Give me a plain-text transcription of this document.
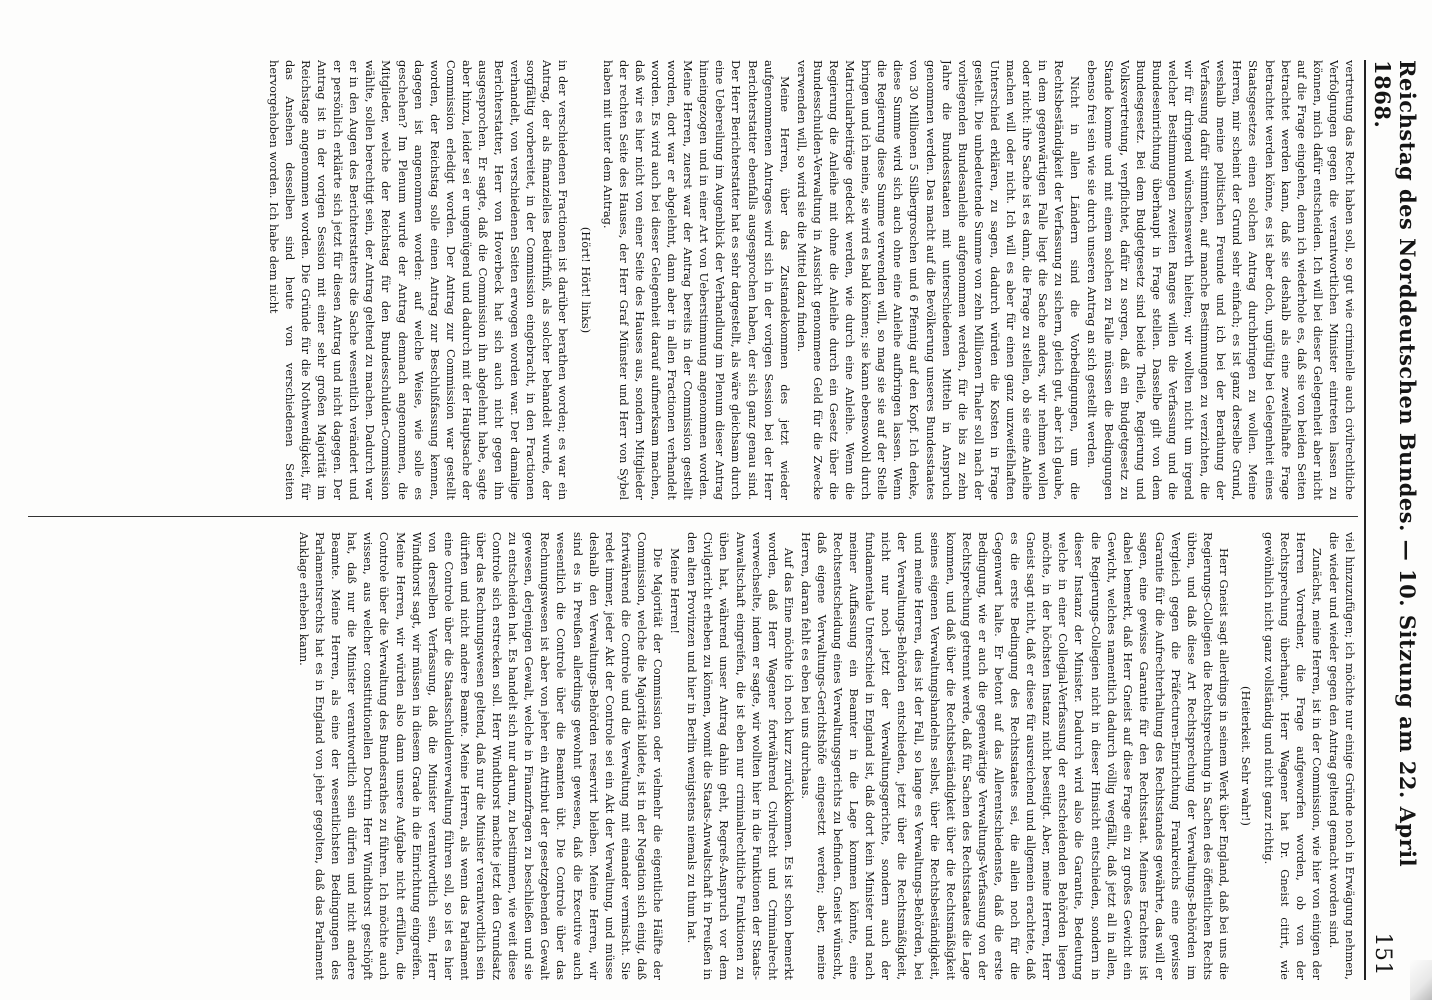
Reichstag des Norddeutschen Bundes. — 10. Sitzung am 22. April 1868.
151

vertretung das Recht haben soll, so gut wie criminelle auch civilrechtliche Verfolgungen gegen die verantwortlichen Minister eintreten lassen zu können, mich dafür entscheiden. Ich will bei dieser Gelegenheit aber nicht auf die Frage eingehen, denn ich wiederhole es, daß sie von beiden Seiten betrachtet werden kann, daß sie deshalb als eine zweifelhafte Frage betrachtet werden könne, es ist aber doch, ungültig bei Gelegenheit eines Staatsgesetzes einen solchen Antrag durchbringen zu wollen. Meine Herren, mir scheint der Grund sehr einfach; es ist ganz derselbe Grund, weshalb meine politischen Freunde und ich bei der Berathung der Verfassung dafür stimmten, auf manche Bestimmungen zu verzichten, die wir für dringend wünschenswerth hielten; wir wollten nicht um irgend welcher Bestimmungen zweiten Ranges willen die Verfassung und die Bundeseinrichtung überhaupt in Frage stellen. Dasselbe gilt von dem Bundesgesetz. Bei dem Budgetgesetz sind beide Theile, Regierung und Volksvertretung, verpflichtet, dafür zu sorgen, daß ein Budgetgesetz zu Stande komme und mit einem solchen zu Falle müssen die Bedingungen ebenso frei sein wie sie durch unseren Antrag an sich gestellt werden.

Nicht in allen Ländern sind die Vorbedingungen, um die Rechtsbeständigkeit der Verfassung zu sichern, gleich gut, aber ich glaube, in dem gegenwärtigen Falle liegt die Sache anders, wir nehmen wollen oder nicht: ihre Sache ist es dann, die Frage zu stellen, ob sie eine Anleihe machen will oder nicht. Ich will es aber für einen ganz unzweifelhaften Unterschied erklären, zu sagen, dadurch würden die Kosten in Frage gestellt. Die unbedeutende Summe von zehn Millionen Thaler soll nach der vorliegenden Bundesanleihe aufgenommen werden, für die bis zu zehn Jahre die Bundesstaaten mit unterschiedenen Mitteln in Anspruch genommen werden. Das macht auf die Bevölkerung unseres Bundesstaates von 30 Millionen 5 Silbergroschen und 6 Pfennig auf den Kopf. Ich denke, diese Summe wird sich auch ohne eine Anleihe aufbringen lassen. Wenn die Regierung diese Summe verwenden will, so mag sie sie auf der Stelle bringen und ich meine, sie wird es bald können; sie kann ebensowohl durch Matricularbeiträge gedeckt werden, wie durch eine Anleihe. Wenn die Regierung die Anleihe mit ohne die Anleihe durch ein Gesetz über die Bundesschulden-Verwaltung in Aussicht genommene Geld für die Zwecke verwenden will, so wird sie die Mittel dazu finden.

Meine Herren, über das Zustandekommen des jetzt wieder aufgenommenen Antrages wird sich in der vorigen Session bei der Herr Berichterstatter ebenfalls ausgesprochen haben, der sich ganz genau sind. Der Herr Berichterstatter hat es sehr dargestellt, als wäre gleichsam durch eine Uebereilung im Augenblick der Verhandlung im Plenum dieser Antrag hineingezogen und in einer Art von Ueberstimmung angenommen worden. Meine Herren, zuerst war der Antrag bereits in der Commission gestellt worden, dort war er abgelehnt, dann aber in allen Fractionen verhandelt worden. Es wird auch bei dieser Gelegenheit darauf aufmerksam machen, daß wir es hier nicht von einer Seite des Hauses aus, sondern Mitglieder der rechten Seite des Hauses, der Herr Graf Münster und Herr von Sybel haben mit unter dem Antrag.

(Hört! Hört! links)

in der verschiedenen Fractionen ist darüber berathen worden; es war ein Antrag, der als finanzielles Bedürfniß, als solcher behandelt wurde, der sorgfältig vorbereitet, in der Commission eingebracht, in den Fractionen verhandelt, von verschiedenen Seiten erwogen worden war. Der damalige Berichterstatter, Herr von Hoverbeck hat sich auch nicht gegen ihn ausgesprochen. Er sagte, daß die Commission ihn abgelehnt habe, sagte aber hinzu, leider sei er ungenügend und dadurch mit der Hauptsache der Commission erledigt worden. Der Antrag zur Commission war gestellt worden, der Reichstag solle einen Antrag zur Beschlußfassung kennen, dagegen ist angenommen worden: auf welche Weise, wie solle es geschehen? Im Plenum wurde der Antrag demnach angenommen, die Mitglieder, welche der Reichstag für den Bundesschulden-Commission wählte, sollen berechtigt sein, der Antrag geltend zu machen. Dadurch war er in den Augen des Berichterstatters die Sache wesentlich verändert und er persönlich erklärte sich jetzt für diesen Antrag und nicht dagegen. Der Antrag ist in der vorigen Session mit einer sehr großen Majorität im Reichstage angenommen worden. Die Gründe für die Nothwendigkeit, für das Ansehen desselben sind heute von verschiedenen Seiten hervorgehoben worden. Ich habe dem nicht

viel hinzuzufügen; ich möchte nur einige Gründe noch in Erwägung nehmen, die wieder und wieder gegen den Antrag geltend gemacht worden sind.

Zunächst, meine Herren, ist in der Commission, wie hier von einigen der Herren Vorredner, die Frage aufgeworfen worden, ob von der Rechtsprechung überhaupt. Herr Wagener hat Dr. Gneist citirt, wie gewöhnlich nicht ganz vollständig und nicht ganz richtig.

(Heiterkeit. Sehr wahr!)

Herr Gneist sagt allerdings in seinem Werk über England, daß bei uns die Regierungs-Collegien die Rechtsprechung in Sachen des öffentlichen Rechts übten, und daß diese Art Rechtsprechung der Verwaltungs-Behörden im Vergleich gegen die Präfecturen-Einrichtung Frankreichs eine gewisse Garantie für die Aufrechterhaltung des Rechtsstandes gewährte, das will er sagen, eine gewisse Garantie für den Rechtsstaat. Meines Erachtens ist dabei bemerkt, daß Herr Gneist auf diese Frage ein zu großes Gewicht ein Gewicht, welches namentlich dadurch völlig wegfällt, daß jetzt all in allen, die Regierungs-Collegien nicht in dieser Hinsicht entschieden, sondern in dieser Instanz der Minister. Dadurch wird also die Garantie, Bedeutung welche in einer Collegial-Verfassung der entscheidenden Behörden liegen möchte, in der höchsten Instanz nicht beseitigt. Aber, meine Herren, Herr Gneist sagt nicht, daß er diese für ausreichend und allgemein erachtete, daß es die erste Bedingung des Rechtsstaates sei, die allein noch für die Gegenwart halte. Er betont auf das Allerentschiedenste, daß die erste Bedingung, wie er auch die gegenwärtige Verwaltungs-Verfassung von der Rechtsprechung getrennt werde, daß für Sachen des Rechtsstaates die Lage kommen, und daß über die Rechtsbeständigkeit über die Rechtsmäßigkeit seines eigenen Verwaltungshandelns selbst, über die Rechtsbeständigkeit, und meine Herren, dies ist der Fall, so lange es Verwaltungs-Behörden, bei der Verwaltungs-Behörden entschieden, jetzt über die Rechtsmäßigkeit, nicht nur noch jetzt der Verwaltungsgerichte, sondern auch der fundamentale Unterschied in England ist, daß dort kein Minister und nach meiner Auffassung ein Beamter in die Lage kommen könnte, eine Rechtsentscheidung eines Verwaltungsgerichts zu befinden. Gneist wünscht, daß eigene Verwaltungs-Gerichtshöfe eingesetzt werden; aber, meine Herren, daran fehlt es eben bei uns durchaus.

Auf das Eine möchte ich noch kurz zurückkommen. Es ist schon bemerkt worden, daß Herr Wagener fortwährend Civilrecht und Criminalrecht verwechselte, indem er sagte, wir wollten hier in die Funktionen der Staats-Anwaltschaft eingreifen, die ist eben nur criminalrechtliche Funktionen zu üben hat, während unser Antrag dahin geht, Regreß-Anspruch vor dem Civilgericht erheben zu können, womit die Staats-Anwaltschaft in Preußen in den alten Provinzen und hier in Berlin wenigstens niemals zu thun hat.

Meine Herren!

Die Majorität der Commission oder vielmehr die eigentliche Hälfte der Commission, welche die Majorität bildete, ist in der Negation sich einig, daß fortwährend die Controle und die Verwaltung mit einander vermischt. Sie redet immer, jeder Akt der Controle sei ein Akt der Verwaltung, und müsse deshalb den Verwaltungs-Behörden reservirt bleiben. Meine Herren, wir sind es in Preußen allerdings gewohnt gewesen, daß die Executive auch wesentlich die Controle über die Beamten übt. Die Controle über das Rechnungswesen ist aber von jeher ein Attribut der gesetzgebenden Gewalt gewesen, derjenigen Gewalt, welche in Finanzfragen zu beschließen und sie zu entscheiden hat. Es handelt sich nur darum, zu bestimmen, wie weit diese Controle sich erstrecken soll. Herr Windthorst machte jetzt den Grundsatz über das Rechnungswesen geltend, daß nur die Minister verantwortlich sein dürften und nicht andere Beamte. Meine Herren, als wenn das Parlament eine Controle über die Staatsschuldenverwaltung führen soll, so ist es hier von derselben Verfassung, daß die Minister verantwortlich sein, Herr Windthorst sagt, wir müssen in diesem Grade in die Einrichtung eingreifen. Meine Herren, wir würden also dann unsere Aufgabe nicht erfüllen, die Controle über die Verwaltung des Bundesrathes zu führen. Ich möchte auch wissen, aus welcher constitutionellen Doctrin Herr Windthorst geschöpft hat, daß nur die Minister verantwortlich sein dürfen und nicht andere Beamte. Meine Herren, als eine der wesentlichsten Bedingungen des Parlamentsrechts hat es in England von jeher gegolten, daß das Parlament Anklage erheben kann.
